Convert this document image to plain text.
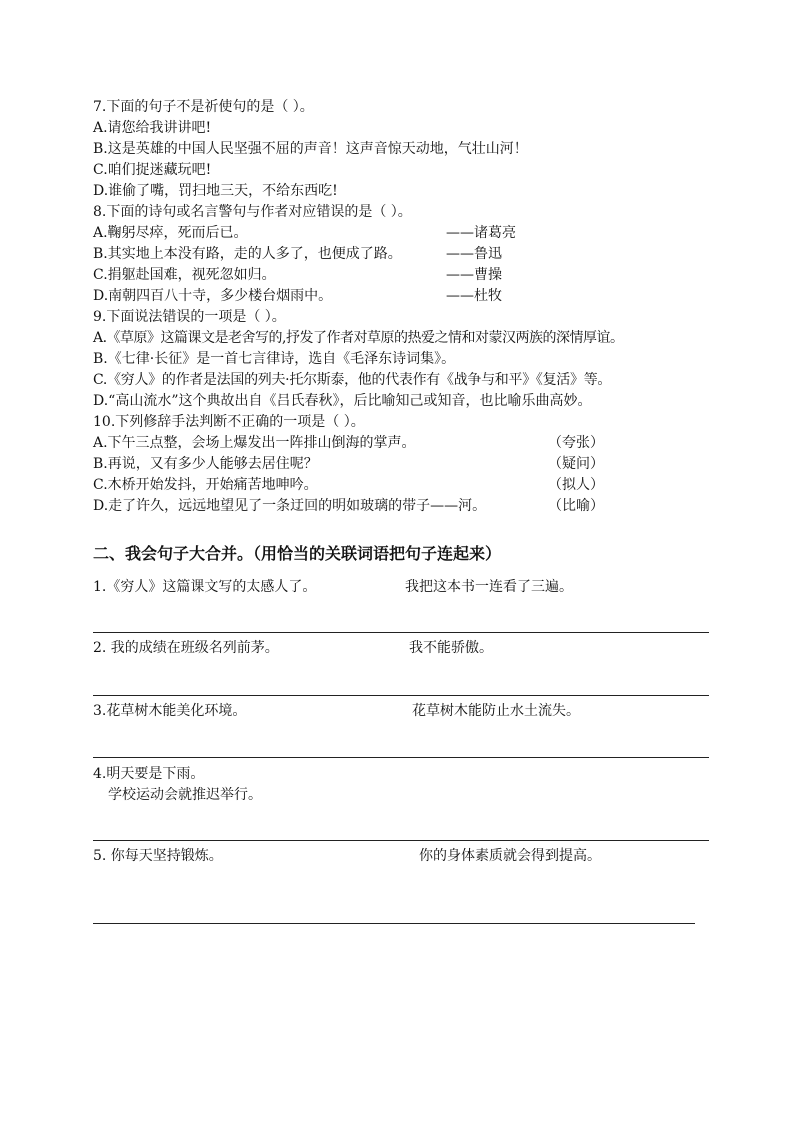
7.下面的句子不是祈使句的是（ ）。
A.请您给我讲讲吧!
B.这是英雄的中国人民坚强不屈的声音！这声音惊天动地，气壮山河！
C.咱们捉迷藏玩吧!
D.谁偷了嘴，罚扫地三天，不给东西吃!
8.下面的诗句或名言警句与作者对应错误的是（ ）。
A.鞠躬尽瘁，死而后已。	——诸葛亮
B.其实地上本没有路，走的人多了，也便成了路。	——鲁迅
C.捐躯赴国难，视死忽如归。	——曹操
D.南朝四百八十寺，多少楼台烟雨中。	——杜牧
9.下面说法错误的一项是（ ）。
A.《草原》这篇课文是老舍写的,抒发了作者对草原的热爱之情和对蒙汉两族的深情厚谊。
B.《七律·长征》是一首七言律诗，选自《毛泽东诗词集》。
C.《穷人》的作者是法国的列夫·托尔斯泰，他的代表作有《战争与和平》《复活》等。
D.“高山流水”这个典故出自《吕氏春秋》，后比喻知己或知音，也比喻乐曲高妙。
10.下列修辞手法判断不正确的一项是（ ）。
A.下午三点整，会场上爆发出一阵排山倒海的掌声。	（夸张）
B.再说，又有多少人能够去居住呢？	（疑问）
C.木桥开始发抖，开始痛苦地呻吟。	（拟人）
D.走了许久，远远地望见了一条迂回的明如玻璃的带子——河。	（比喻）
二、我会句子大合并。（用恰当的关联词语把句子连起来）
1.《穷人》这篇课文写的太感人了。	我把这本书一连看了三遍。
2. 我的成绩在班级名列前茅。	我不能骄傲。
3.花草树木能美化环境。	花草树木能防止水土流失。
4.明天要是下雨。
学校运动会就推迟举行。
5. 你每天坚持锻炼。	你的身体素质就会得到提高。
